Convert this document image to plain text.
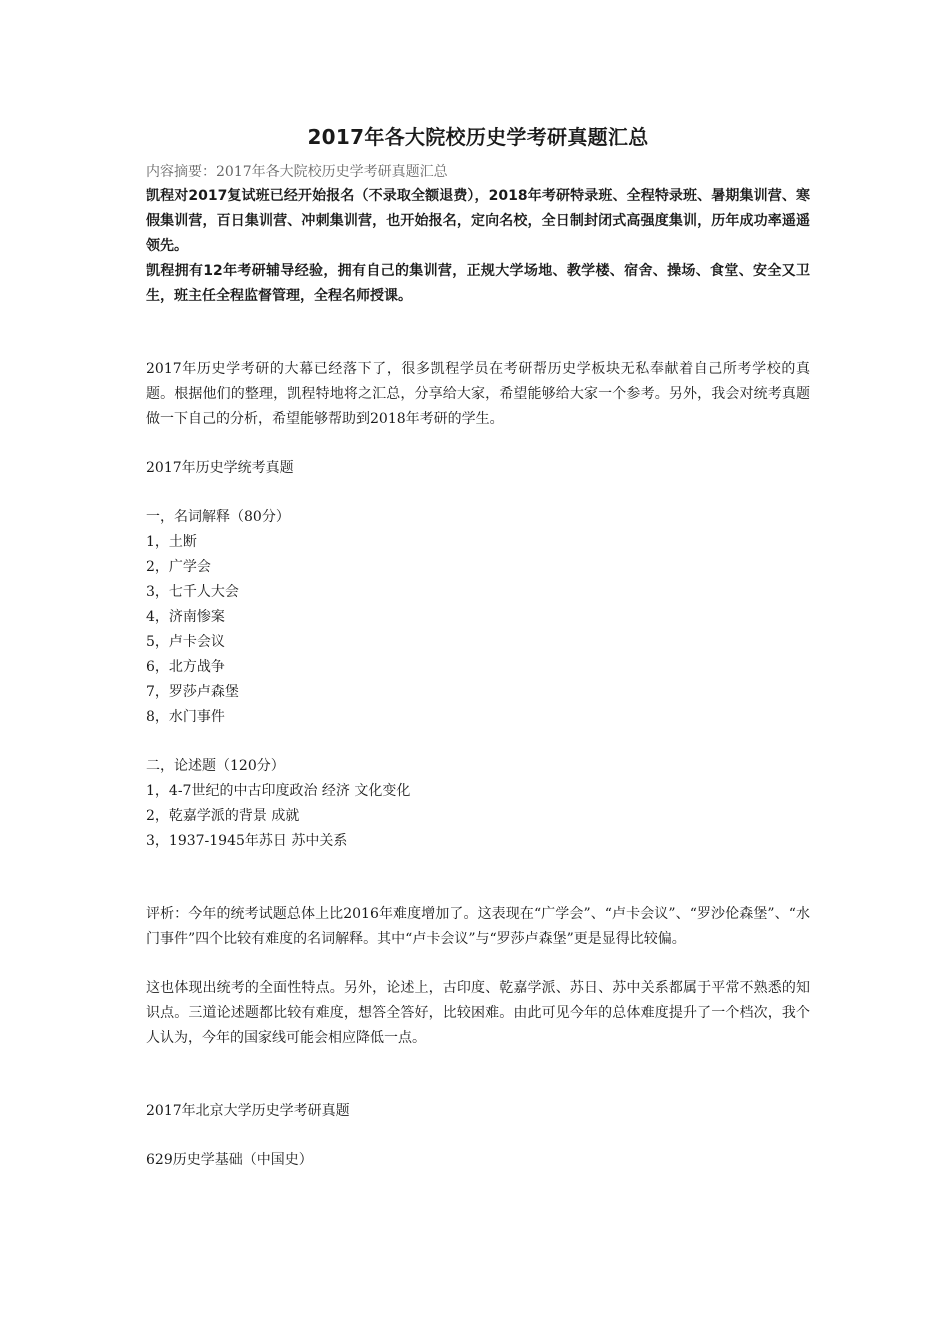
2017年各大院校历史学考研真题汇总

内容摘要：2017年各大院校历史学考研真题汇总

凯程对2017复试班已经开始报名（不录取全额退费），2018年考研特录班、全程特录班、暑期集训营、寒假集训营，百日集训营、冲刺集训营，也开始报名，定向名校，全日制封闭式高强度集训，历年成功率遥遥领先。

凯程拥有12年考研辅导经验，拥有自己的集训营，正规大学场地、教学楼、宿舍、操场、食堂、安全又卫生，班主任全程监督管理，全程名师授课。

2017年历史学考研的大幕已经落下了，很多凯程学员在考研帮历史学板块无私奉献着自己所考学校的真题。根据他们的整理，凯程特地将之汇总，分享给大家，希望能够给大家一个参考。另外，我会对统考真题做一下自己的分析，希望能够帮助到2018年考研的学生。

2017年历史学统考真题

一，名词解释（80分）

1，土断
2，广学会
3，七千人大会
4，济南惨案
5，卢卡会议
6，北方战争
7，罗莎卢森堡
8，水门事件

二，论述题（120分）

1，4-7世纪的中古印度政治 经济 文化变化
2，乾嘉学派的背景 成就
3，1937-1945年苏日 苏中关系

评析：今年的统考试题总体上比2016年难度增加了。这表现在“广学会”、“卢卡会议”、“罗沙伦森堡”、“水门事件”四个比较有难度的名词解释。其中“卢卡会议”与“罗莎卢森堡”更是显得比较偏。

这也体现出统考的全面性特点。另外，论述上，古印度、乾嘉学派、苏日、苏中关系都属于平常不熟悉的知识点。三道论述题都比较有难度，想答全答好，比较困难。由此可见今年的总体难度提升了一个档次，我个人认为，今年的国家线可能会相应降低一点。

2017年北京大学历史学考研真题

629历史学基础（中国史）
